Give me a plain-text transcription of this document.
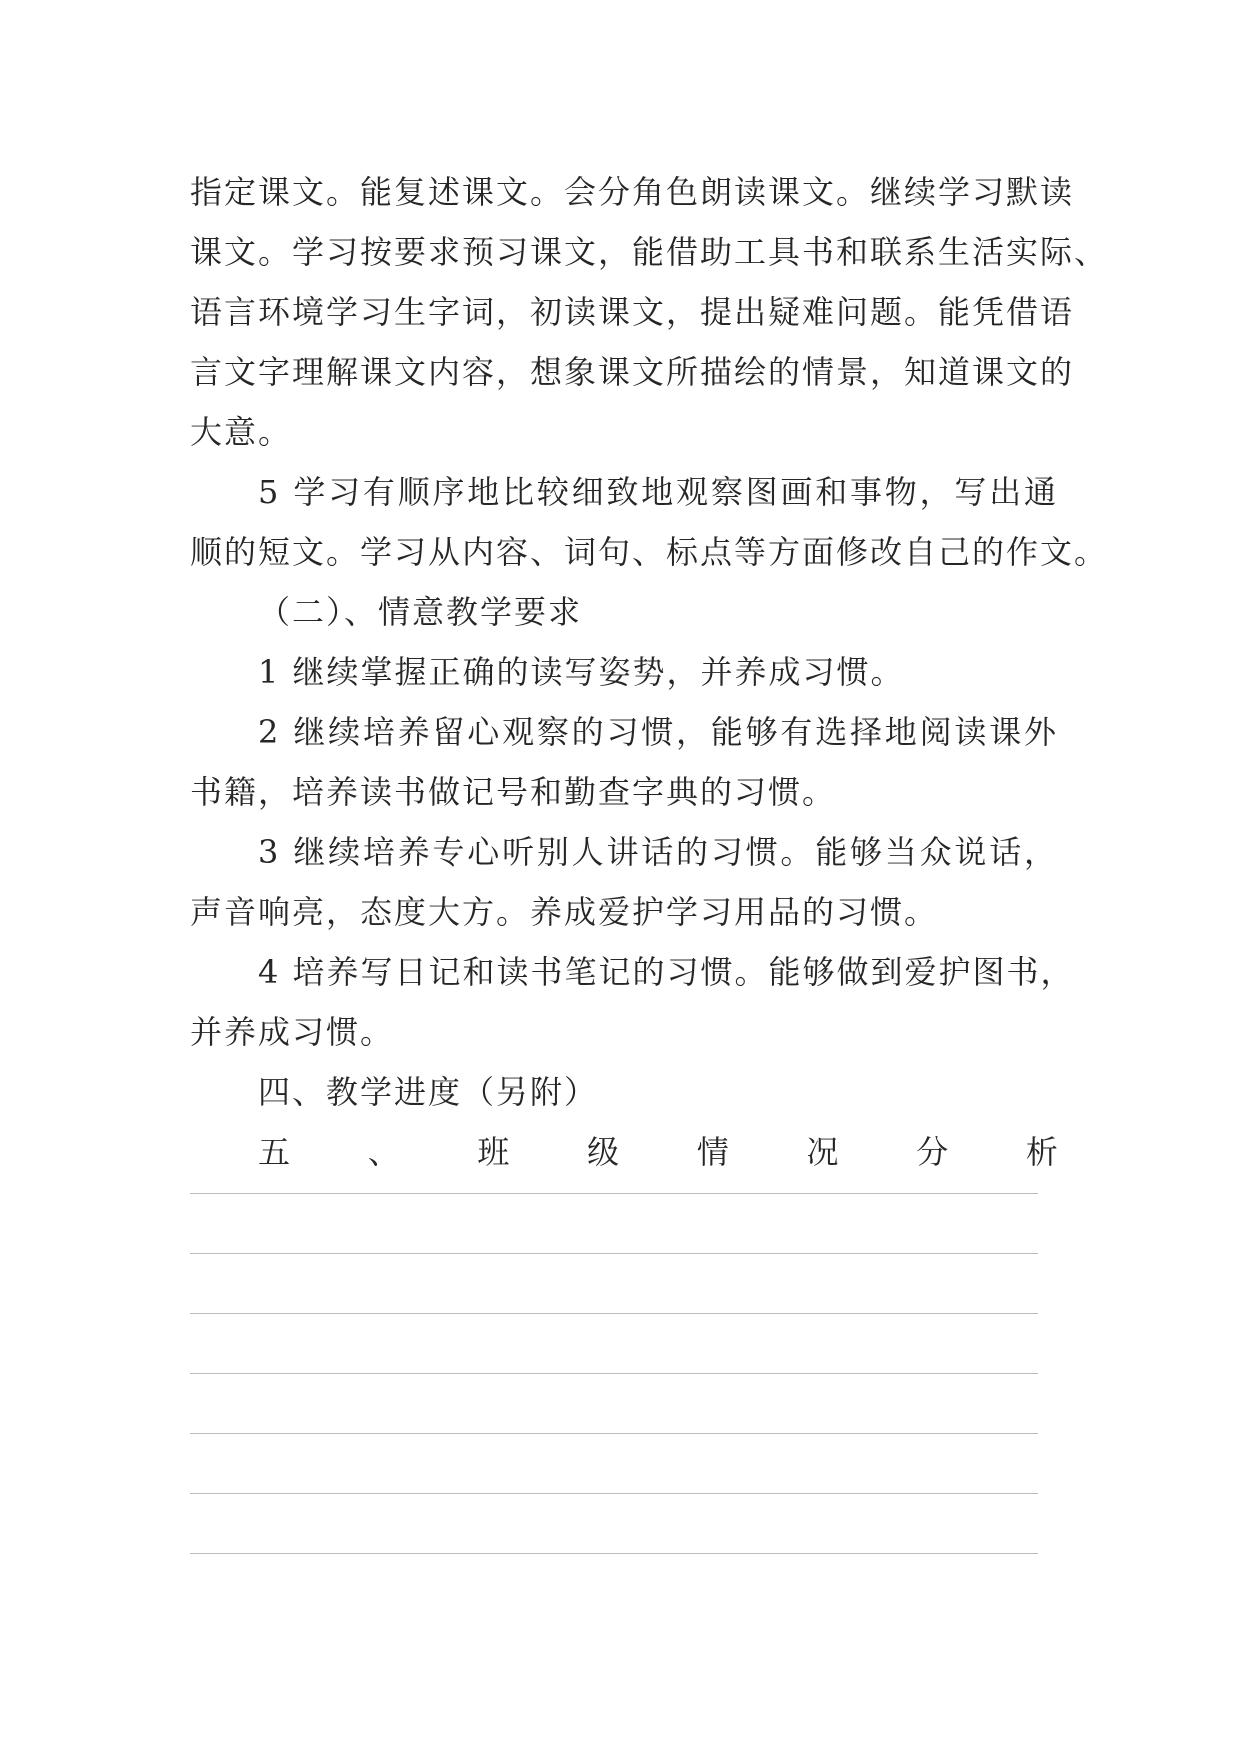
指定课文。能复述课文。会分角色朗读课文。继续学习默读
课文。学习按要求预习课文，能借助工具书和联系生活实际、
语言环境学习生字词，初读课文，提出疑难问题。能凭借语
言文字理解课文内容，想象课文所描绘的情景，知道课文的
大意。
5 学习有顺序地比较细致地观察图画和事物，写出通
顺的短文。学习从内容、词句、标点等方面修改自己的作文。
（二）、情意教学要求
1 继续掌握正确的读写姿势，并养成习惯。
2 继续培养留心观察的习惯，能够有选择地阅读课外
书籍，培养读书做记号和勤查字典的习惯。
3 继续培养专心听别人讲话的习惯。能够当众说话，
声音响亮，态度大方。养成爱护学习用品的习惯。
4 培养写日记和读书笔记的习惯。能够做到爱护图书，
并养成习惯。
四、教学进度（另附）
五 、 班 级 情 况 分 析
